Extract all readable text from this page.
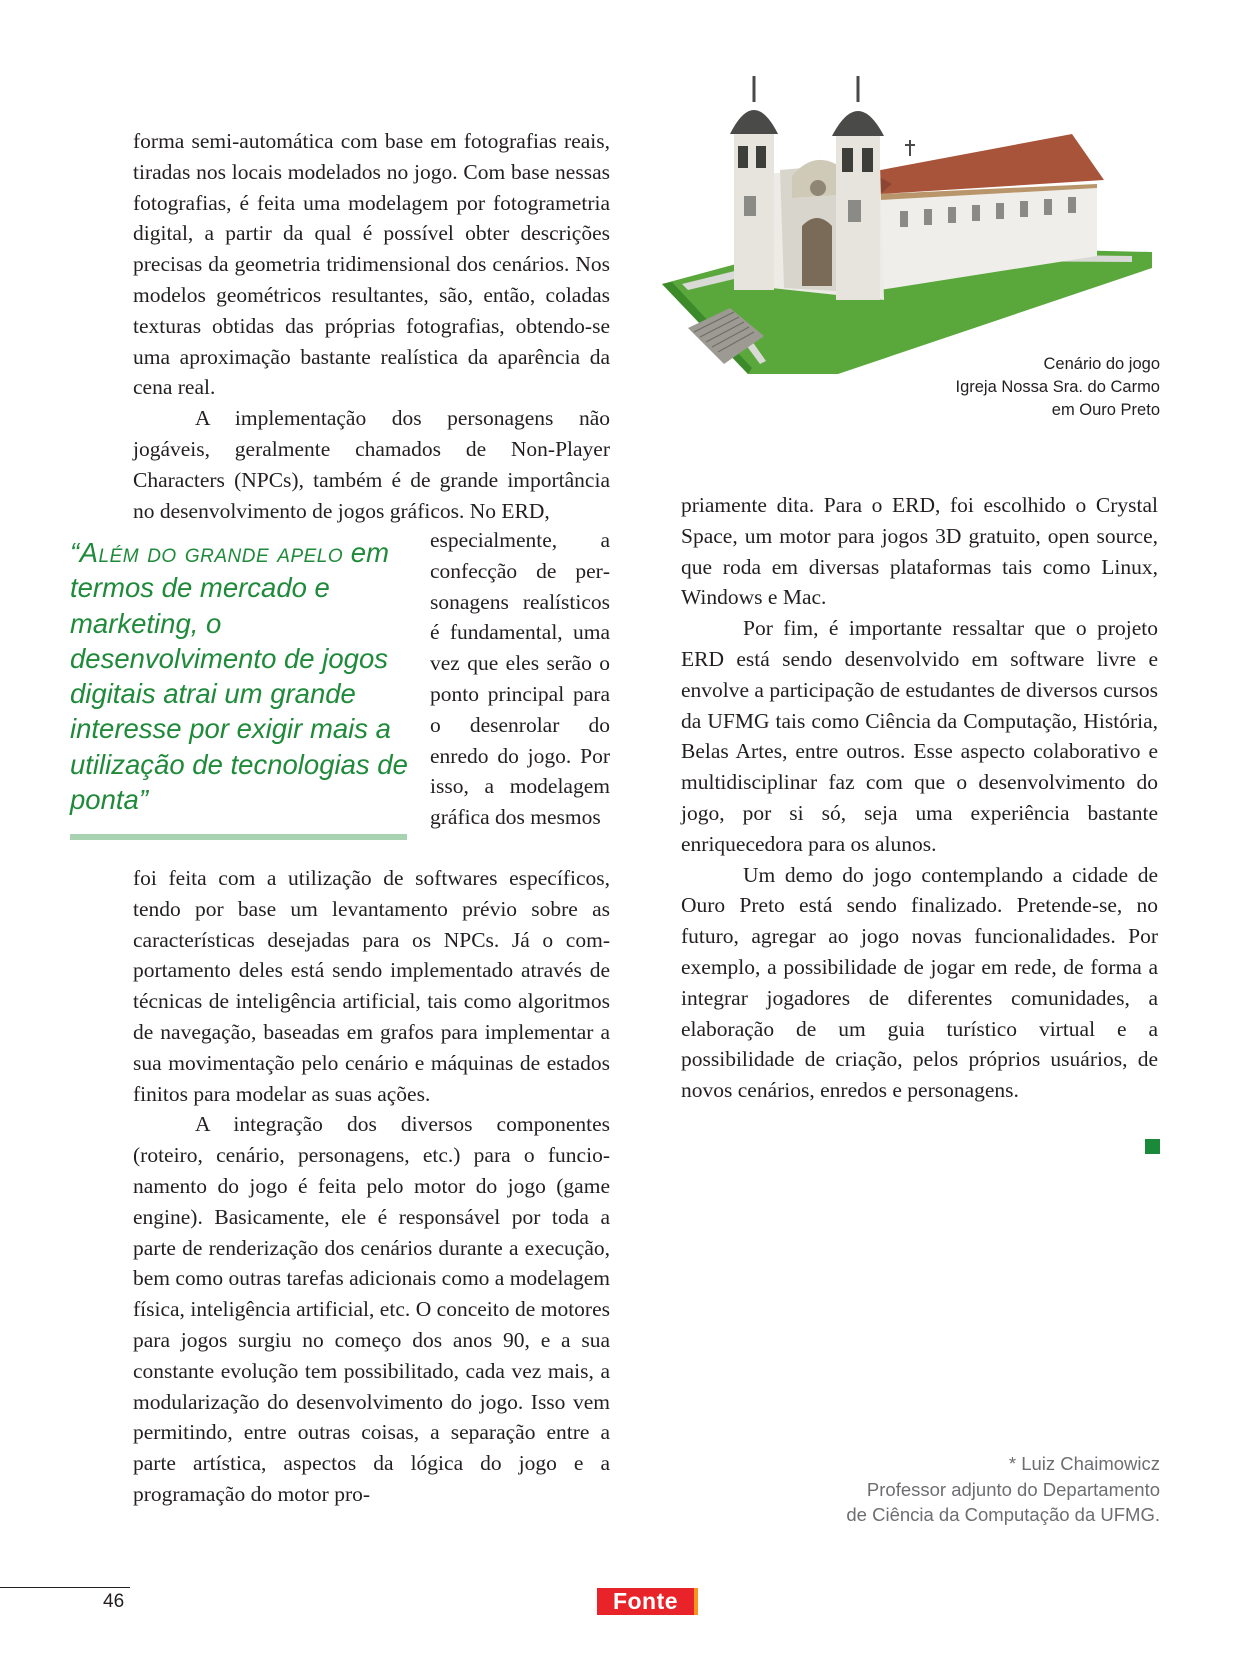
forma semi-automática com base em fotografias reais, tiradas nos locais modelados no jogo. Com base nessas fotografias, é feita uma modelagem por fotogrametria digital, a partir da qual é possível obter descrições precisas da geometria tridimensional dos cenários. Nos modelos geométricos resultantes, são, então, coladas texturas obtidas das próprias fotografias, obtendo-se uma aproximação bastante realística da aparência da cena real.

A implementação dos personagens não jogáveis, geralmente chamados de Non-Player Characters (NPCs), também é de grande importância no desenvolvimento de jogos gráficos. No ERD,

“Além do grande apelo em termos de mercado e marketing, o desenvolvimento de jogos digitais atrai um grande interesse por exigir mais a utilização de tecnologias de ponta”

especialmente, a confecção de personagens realísticos é fundamental, uma vez que eles serão o ponto principal para o desenrolar do enredo do jogo. Por isso, a modelagem gráfica dos mesmos

foi feita com a utilização de softwares específicos, tendo por base um levantamento prévio sobre as características desejadas para os NPCs. Já o comportamento deles está sendo implementado através de técnicas de inteligência artificial, tais como algoritmos de navegação, baseadas em grafos para implementar a sua movimentação pelo cenário e máquinas de estados finitos para modelar as suas ações.

A integração dos diversos componentes (roteiro, cenário, personagens, etc.) para o funcionamento do jogo é feita pelo motor do jogo (game engine). Basicamente, ele é responsável por toda a parte de renderização dos cenários durante a execução, bem como outras tarefas adicionais como a modelagem física, inteligência artificial, etc. O conceito de motores para jogos surgiu no começo dos anos 90, e a sua constante evolução tem possibilitado, cada vez mais, a modularização do desenvolvimento do jogo. Isso vem permitindo, entre outras coisas, a separação entre a parte artística, aspectos da lógica do jogo e a programação do motor pro-

Cenário do jogo
Igreja Nossa Sra. do Carmo
em Ouro Preto

priamente dita. Para o ERD, foi escolhido o Crystal Space, um motor para jogos 3D gratuito, open source, que roda em diversas plataformas tais como Linux, Windows e Mac.

Por fim, é importante ressaltar que o projeto ERD está sendo desenvolvido em software livre e envolve a participação de estudantes de diversos cursos da UFMG tais como Ciência da Computação, História, Belas Artes, entre outros. Esse aspecto colaborativo e multidisciplinar faz com que o desenvolvimento do jogo, por si só, seja uma experiência bastante enriquecedora para os alunos.

Um demo do jogo contemplando a cidade de Ouro Preto está sendo finalizado. Pretende-se, no futuro, agregar ao jogo novas funcionalidades. Por exemplo, a possibilidade de jogar em rede, de forma a integrar jogadores de diferentes comunidades, a elaboração de um guia turístico virtual e a possibilidade de criação, pelos próprios usuários, de novos cenários, enredos e personagens.

* Luiz Chaimowicz
Professor adjunto do Departamento
de Ciência da Computação da UFMG.
46	Fonte
